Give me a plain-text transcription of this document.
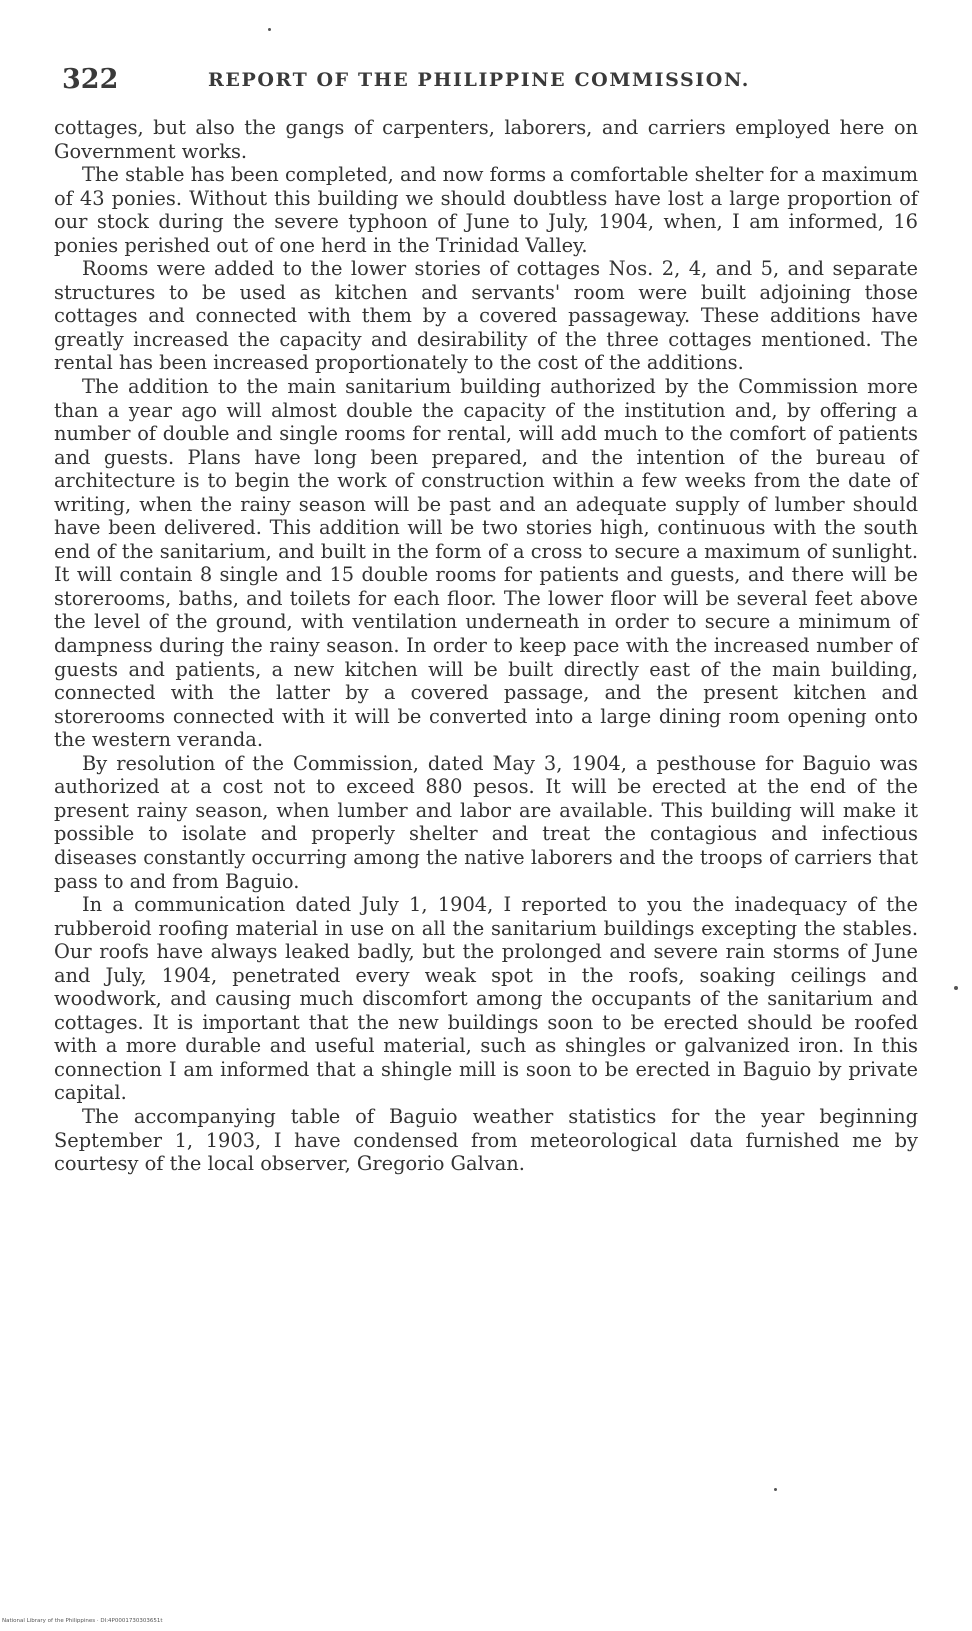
322	REPORT OF THE PHILIPPINE COMMISSION.

cottages, but also the gangs of carpenters, laborers, and carriers employed here on Government works.

The stable has been completed, and now forms a comfortable shelter for a maximum of 43 ponies. Without this building we should doubtless have lost a large proportion of our stock during the severe typhoon of June to July, 1904, when, I am informed, 16 ponies perished out of one herd in the Trinidad Valley.

Rooms were added to the lower stories of cottages Nos. 2, 4, and 5, and separate structures to be used as kitchen and servants' room were built adjoining those cottages and connected with them by a covered passageway. These additions have greatly increased the capacity and desirability of the three cottages mentioned. The rental has been increased proportionately to the cost of the additions.

The addition to the main sanitarium building authorized by the Commission more than a year ago will almost double the capacity of the institution and, by offering a number of double and single rooms for rental, will add much to the comfort of patients and guests. Plans have long been prepared, and the intention of the bureau of architecture is to begin the work of construction within a few weeks from the date of writing, when the rainy season will be past and an adequate supply of lumber should have been delivered. This addition will be two stories high, continuous with the south end of the sanitarium, and built in the form of a cross to secure a maximum of sunlight. It will contain 8 single and 15 double rooms for patients and guests, and there will be storerooms, baths, and toilets for each floor. The lower floor will be several feet above the level of the ground, with ventilation underneath in order to secure a minimum of dampness during the rainy season. In order to keep pace with the increased number of guests and patients, a new kitchen will be built directly east of the main building, connected with the latter by a covered passage, and the present kitchen and storerooms connected with it will be converted into a large dining room opening onto the western veranda.

By resolution of the Commission, dated May 3, 1904, a pesthouse for Baguio was authorized at a cost not to exceed 880 pesos. It will be erected at the end of the present rainy season, when lumber and labor are available. This building will make it possible to isolate and properly shelter and treat the contagious and infectious diseases constantly occurring among the native laborers and the troops of carriers that pass to and from Baguio.

In a communication dated July 1, 1904, I reported to you the inadequacy of the rubberoid roofing material in use on all the sanitarium buildings excepting the stables. Our roofs have always leaked badly, but the prolonged and severe rain storms of June and July, 1904, penetrated every weak spot in the roofs, soaking ceilings and woodwork, and causing much discomfort among the occupants of the sanitarium and cottages. It is important that the new buildings soon to be erected should be roofed with a more durable and useful material, such as shingles or galvanized iron. In this connection I am informed that a shingle mill is soon to be erected in Baguio by private capital.

The accompanying table of Baguio weather statistics for the year beginning September 1, 1903, I have condensed from meteorological data furnished me by courtesy of the local observer, Gregorio Galvan.

National Library of the Philippines · DI:4P0001730303651t
